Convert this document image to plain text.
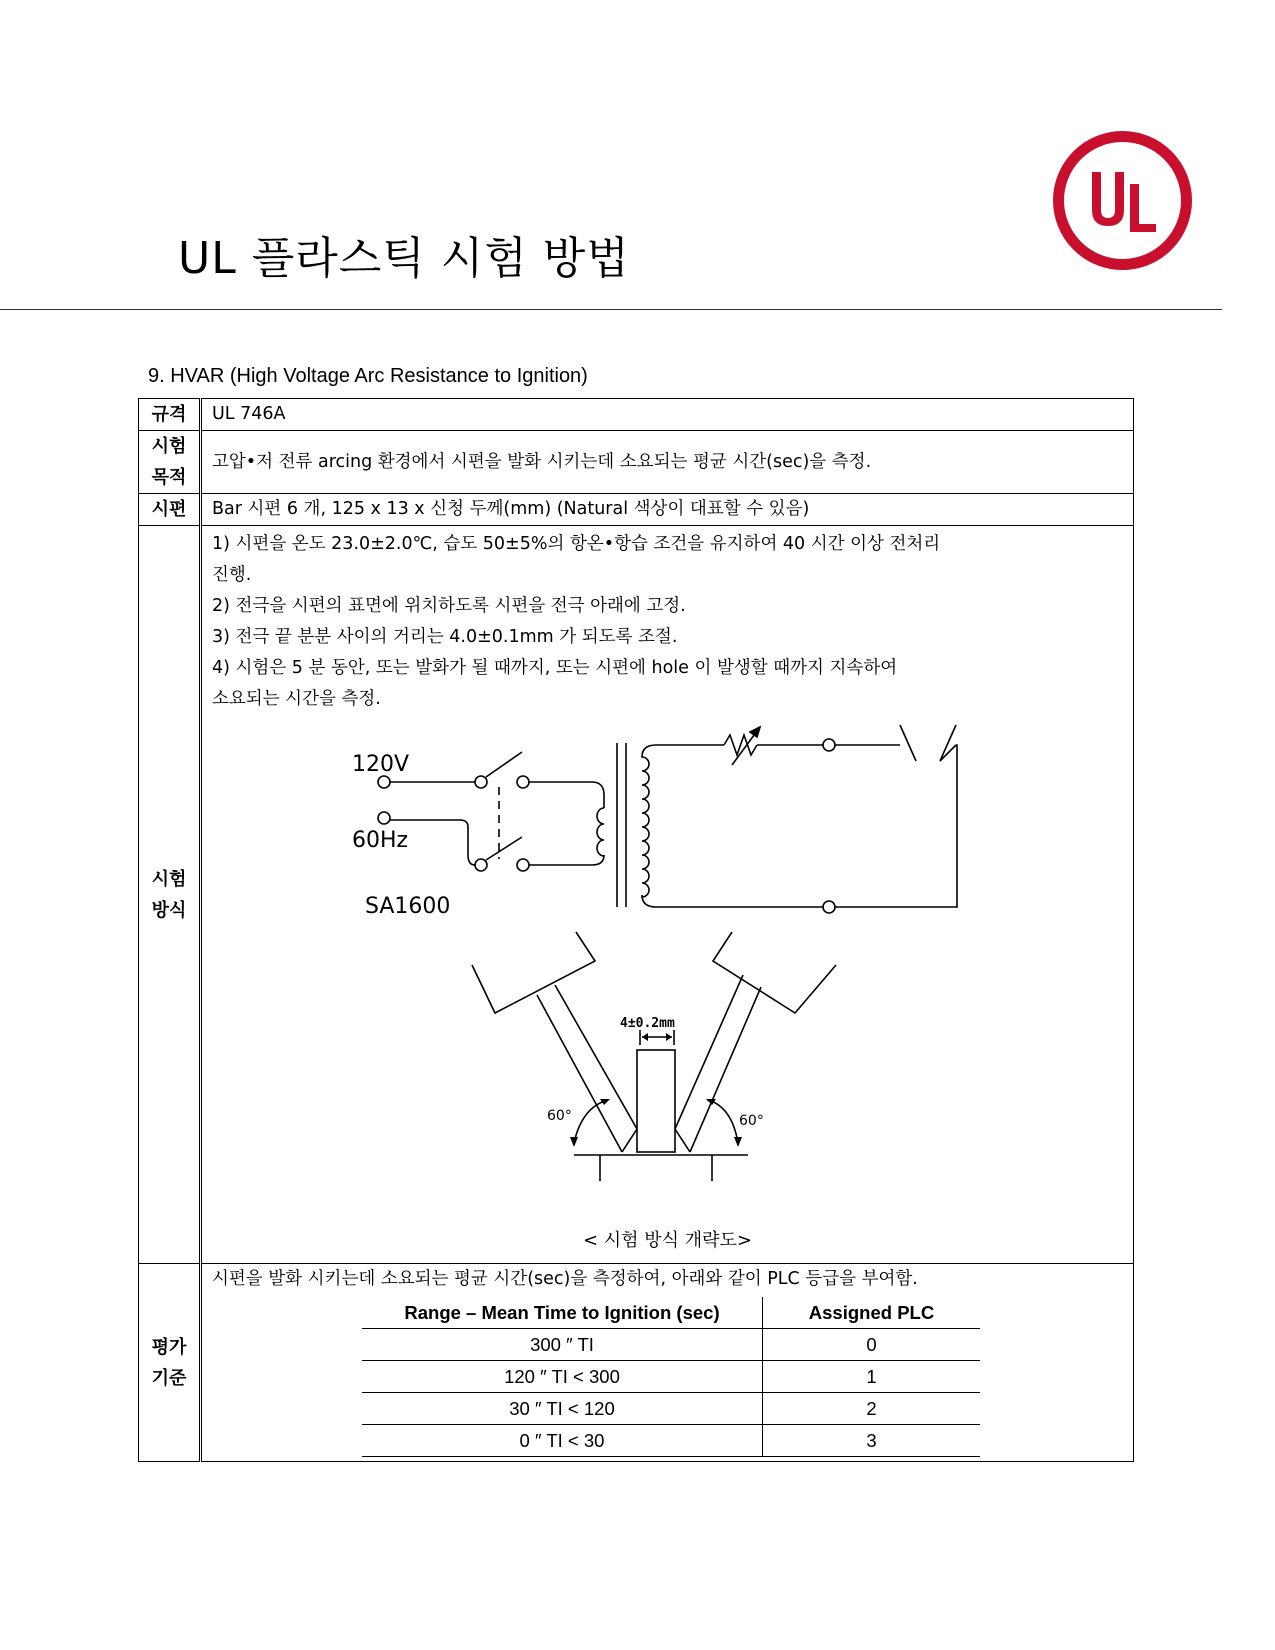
UL 플라스틱 시험 방법
9. HVAR (High Voltage Arc Resistance to Ignition)
규격	UL 746A

시험
목적
	고압•저 전류 arcing 환경에서 시편을 발화 시키는데 소요되는 평균 시간(sec)을 측정.
시편	Bar 시편 6 개, 125 x 13 x 신청 두께(mm) (Natural 색상이 대표할 수 있음)

시험
방식

1) 시편을 온도 23.0±2.0℃, 습도 50±5%의 항온•항습 조건을 유지하여 40 시간 이상 전처리
진행.
2) 전극을 시편의 표면에 위치하도록 시편을 전극 아래에 고정.
3) 전극 끝 분분 사이의 거리는 4.0±0.1mm 가 되도록 조절.
4) 시험은 5 분 동안, 또는 발화가 될 때까지, 또는 시편에 hole 이 발생할 때까지 지속하여
소요되는 시간을 측정.
120V
60Hz
SA1600
4±0.2mm
60°	60°
< 시험 방식 개략도>

평가
기준

시편을 발화 시키는데 소요되는 평균 시간(sec)을 측정하여, 아래와 같이 PLC 등급을 부여함.
Range – Mean Time to Ignition (sec)	Assigned PLC
300 ″ TI	0
120 ″ TI < 300	1
30 ″ TI < 120	2
0 ″ TI < 30	3
